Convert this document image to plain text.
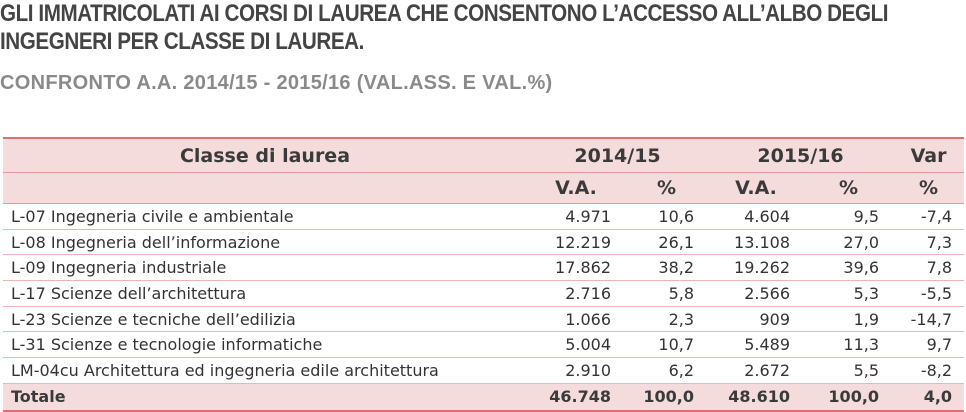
GLI IMMATRICOLATI AI CORSI DI LAUREA CHE CONSENTONO L’ACCESSO ALL’ALBO DEGLI INGEGNERI PER CLASSE DI LAUREA.
CONFRONTO A.A. 2014/15 - 2015/16 (VAL.ASS. E VAL.%)
Classe di laurea	2014/15		2015/16		Var
	V.A.	%	V.A.	%	%
L-07 Ingegneria civile e ambientale	4.971	10,6	4.604	9,5	-7,4
L-08 Ingegneria dell’informazione	12.219	26,1	13.108	27,0	7,3
L-09 Ingegneria industriale	17.862	38,2	19.262	39,6	7,8
L-17 Scienze dell’architettura	2.716	5,8	2.566	5,3	-5,5
L-23 Scienze e tecniche dell’edilizia	1.066	2,3	909	1,9	-14,7
L-31 Scienze e tecnologie informatiche	5.004	10,7	5.489	11,3	9,7
LM-04cu Architettura ed ingegneria edile architettura	2.910	6,2	2.672	5,5	-8,2
Totale	46.748	100,0	48.610	100,0	4,0
